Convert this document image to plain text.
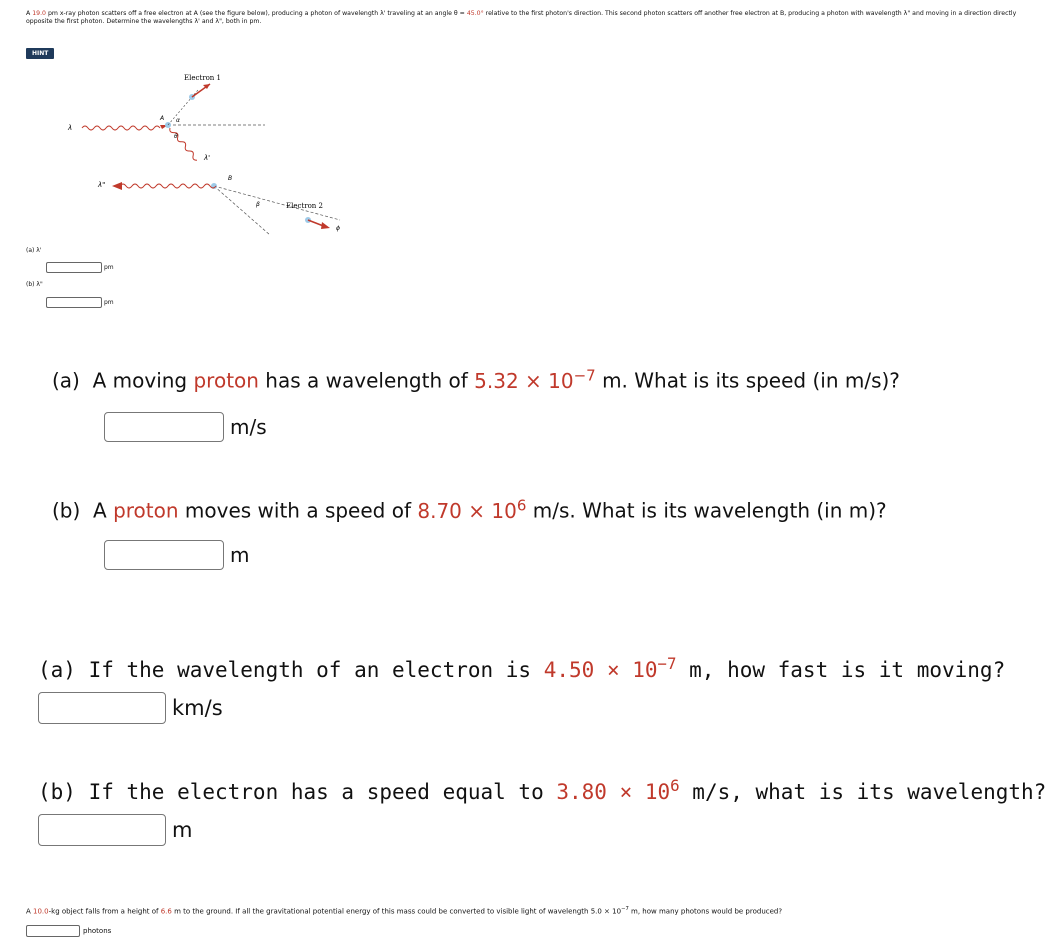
A 19.0 pm x-ray photon scatters off a free electron at A (see the figure below), producing a photon of wavelength λ' traveling at an angle θ = 45.0° relative to the first photon's direction. This second photon scatters off another free electron at B, producing a photon with wavelength λ" and moving in a direction directly opposite the first photon. Determine the wavelengths λ' and λ", both in pm.
HINT
Electron 1
Electron 2
λ
λ"
λ'
A
B
α
θ
β
ϕ
(a) λ'
pm
(b) λ"
pm
(a) A moving proton has a wavelength of $5.32 \times 10^{-7}$ m. What is its speed (in m/s)?
m/s
(b) A proton moves with a speed of $8.70 \times 10^6$ m/s. What is its wavelength (in m)?
m
(a) If the wavelength of an electron is $4.50 \times 10^{-7}$ m, how fast is it moving?
km/s
(b) If the electron has a speed equal to $3.80 \times 10^6$ m/s, what is its wavelength?
m
A 10.0-kg object falls from a height of 6.6 m to the ground. If all the gravitational potential energy of this mass could be converted to visible light of wavelength $5.0 \times 10^{-7}$ m, how many photons would be produced?
photons
